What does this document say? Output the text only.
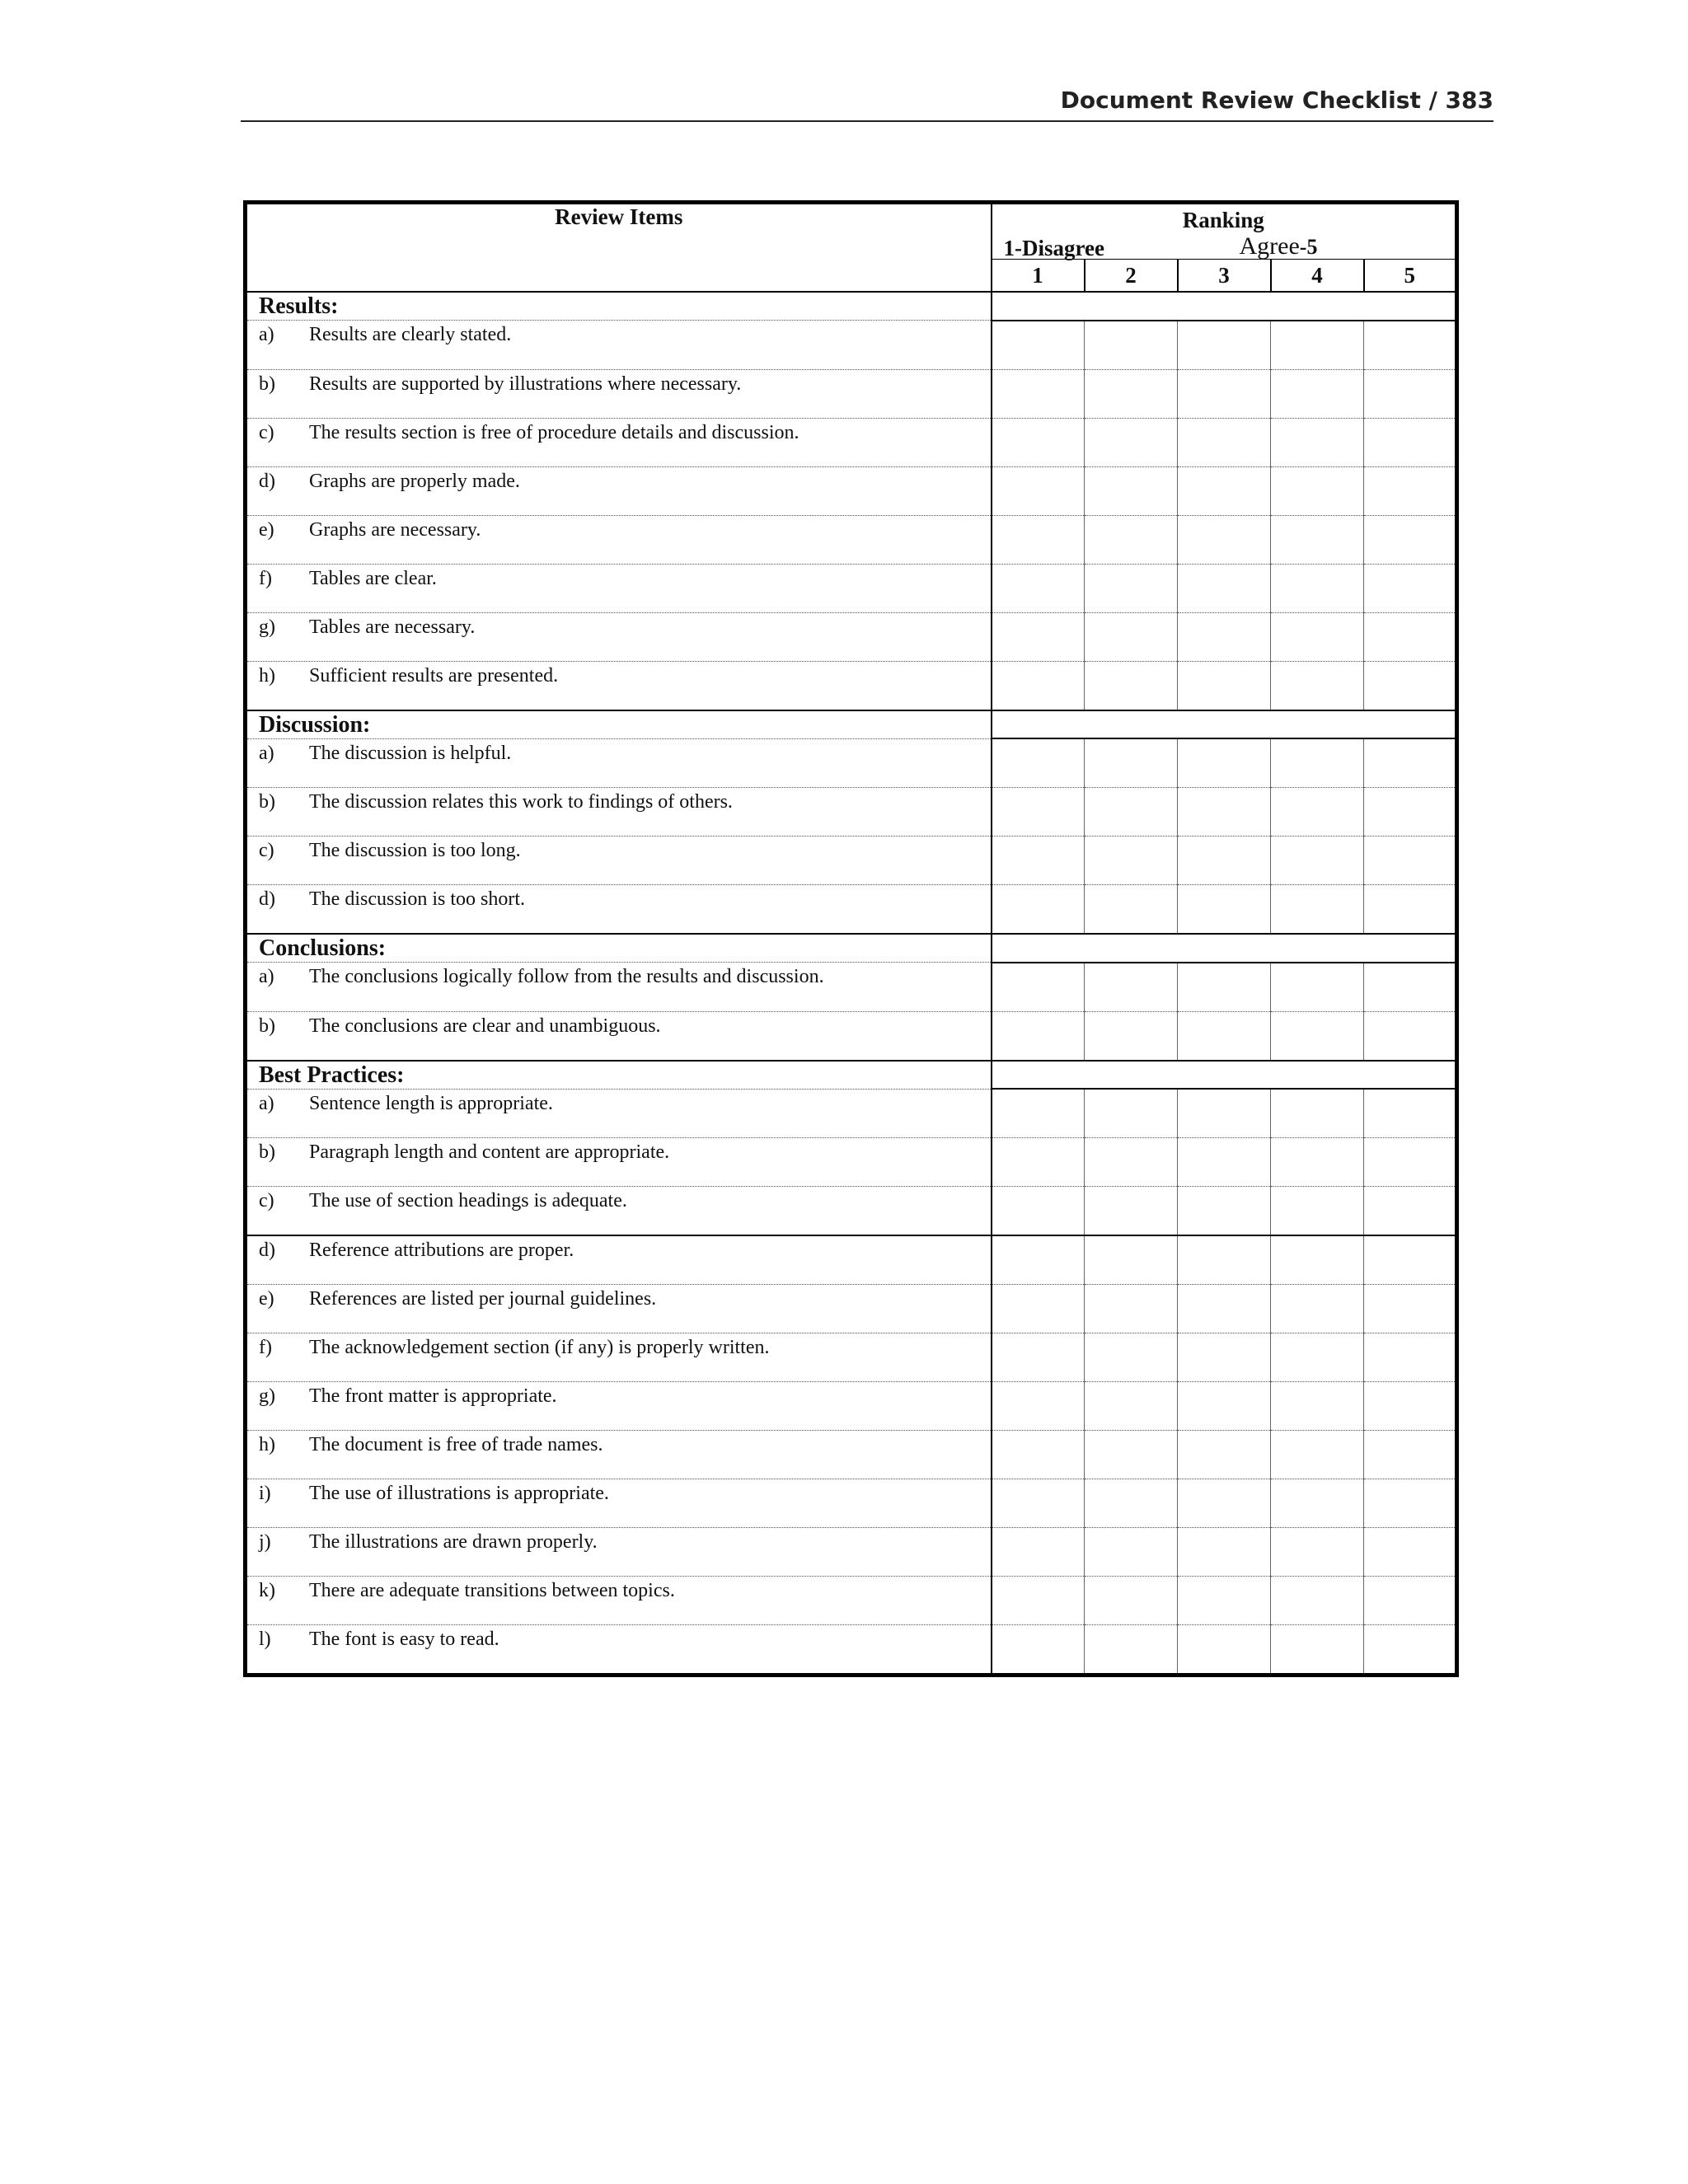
Document Review Checklist / 383
Review Items	Ranking
1-Disagree Agree-5				

	1	2	3	4	5
Results:					

a) Results are clearly stated.					

b) Results are supported by illustrations where necessary.					

c) The results section is free of procedure details and discussion.					

d) Graphs are properly made.					

e) Graphs are necessary.					

f) Tables are clear.					

g) Tables are necessary.					

h) Sufficient results are presented.					

Discussion:					

a) The discussion is helpful.					

b) The discussion relates this work to findings of others.					

c) The discussion is too long.					

d) The discussion is too short.					

Conclusions:					

a) The conclusions logically follow from the results and discussion.					

b) The conclusions are clear and unambiguous.					

Best Practices:					

a) Sentence length is appropriate.					

b) Paragraph length and content are appropriate.					

c) The use of section headings is adequate.					

d) Reference attributions are proper.					

e) References are listed per journal guidelines.					

f) The acknowledgement section (if any) is properly written.					

g) The front matter is appropriate.					

h) The document is free of trade names.					

i) The use of illustrations is appropriate.					

j) The illustrations are drawn properly.					

k) There are adequate transitions between topics.					

l) The font is easy to read.					
